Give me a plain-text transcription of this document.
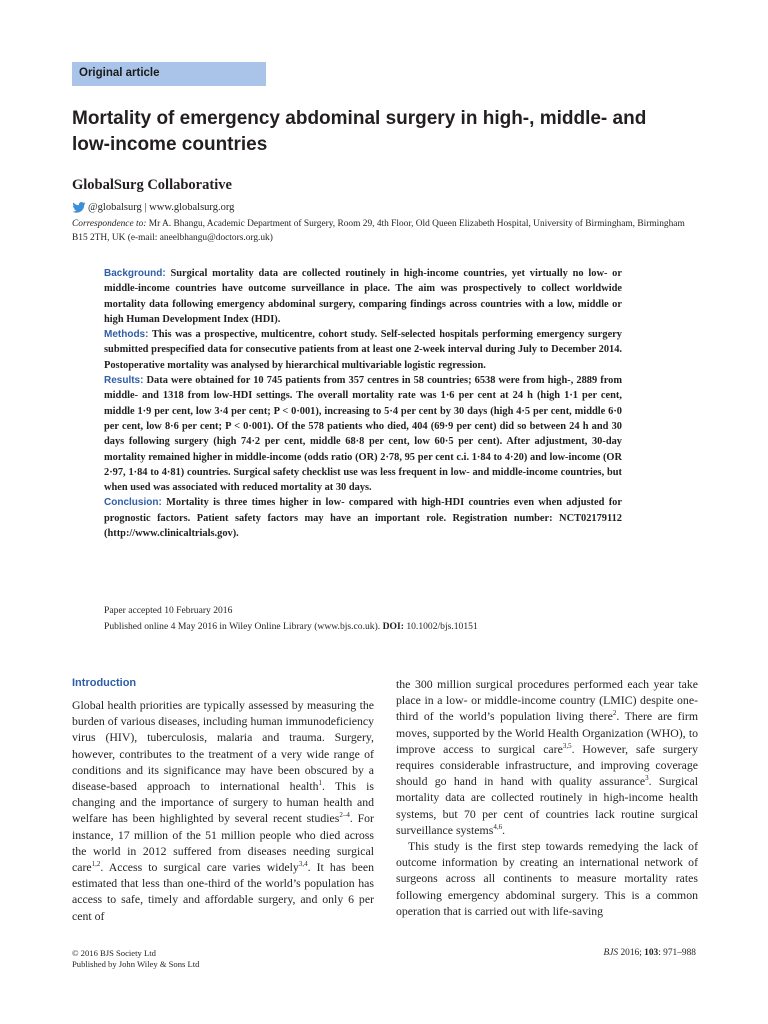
Original article
Mortality of emergency abdominal surgery in high-, middle- and low-income countries
GlobalSurg Collaborative
@globalsurg | www.globalsurg.org
Correspondence to: Mr A. Bhangu, Academic Department of Surgery, Room 29, 4th Floor, Old Queen Elizabeth Hospital, University of Birmingham, Birmingham B15 2TH, UK (e-mail: aneelbhangu@doctors.org.uk)

Background: Surgical mortality data are collected routinely in high-income countries, yet virtually no low- or middle-income countries have outcome surveillance in place. The aim was prospectively to collect worldwide mortality data following emergency abdominal surgery, comparing findings across countries with a low, middle or high Human Development Index (HDI).

Methods: This was a prospective, multicentre, cohort study. Self-selected hospitals performing emergency surgery submitted prespecified data for consecutive patients from at least one 2-week interval during July to December 2014. Postoperative mortality was analysed by hierarchical multivariable logistic regression.

Results: Data were obtained for 10 745 patients from 357 centres in 58 countries; 6538 were from high-, 2889 from middle- and 1318 from low-HDI settings. The overall mortality rate was 1·6 per cent at 24 h (high 1·1 per cent, middle 1·9 per cent, low 3·4 per cent; P < 0·001), increasing to 5·4 per cent by 30 days (high 4·5 per cent, middle 6·0 per cent, low 8·6 per cent; P < 0·001). Of the 578 patients who died, 404 (69·9 per cent) did so between 24 h and 30 days following surgery (high 74·2 per cent, middle 68·8 per cent, low 60·5 per cent). After adjustment, 30-day mortality remained higher in middle-income (odds ratio (OR) 2·78, 95 per cent c.i. 1·84 to 4·20) and low-income (OR 2·97, 1·84 to 4·81) countries. Surgical safety checklist use was less frequent in low- and middle-income countries, but when used was associated with reduced mortality at 30 days.

Conclusion: Mortality is three times higher in low- compared with high-HDI countries even when adjusted for prognostic factors. Patient safety factors may have an important role. Registration number: NCT02179112 (http://www.clinicaltrials.gov).

Paper accepted 10 February 2016

Published online 4 May 2016 in Wiley Online Library (www.bjs.co.uk). DOI: 10.1002/bjs.10151

Introduction

Global health priorities are typically assessed by measuring the burden of various diseases, including human immunodeficiency virus (HIV), tuberculosis, malaria and trauma. Surgery, however, contributes to the treatment of a very wide range of conditions and its significance may have been obscured by a disease-based approach to international health$^1$. This is changing and the importance of surgery to human health and welfare has been highlighted by several recent studies$^{2-4}$. For instance, 17 million of the 51 million people who died across the world in 2012 suffered from diseases needing surgical care$^{1,2}$. Access to surgical care varies widely$^{3,4}$. It has been estimated that less than one-third of the world’s population has access to safe, timely and affordable surgery, and only 6 per cent of

the 300 million surgical procedures performed each year take place in a low- or middle-income country (LMIC) despite one-third of the world’s population living there$^2$. There are firm moves, supported by the World Health Organization (WHO), to improve access to surgical care$^{3,5}$. However, safe surgery requires considerable infrastructure, and improving coverage should go hand in hand with quality assurance$^3$. Surgical mortality data are collected routinely in high-income health systems, but 70 per cent of countries lack routine surgical surveillance systems$^{4,6}$.

This study is the first step towards remedying the lack of outcome information by creating an international network of surgeons across all continents to measure mortality rates following emergency abdominal surgery. This is a common operation that is carried out with life-saving

© 2016 BJS Society Ltd
Published by John Wiley & Sons Ltd
BJS 2016; 103: 971–988
